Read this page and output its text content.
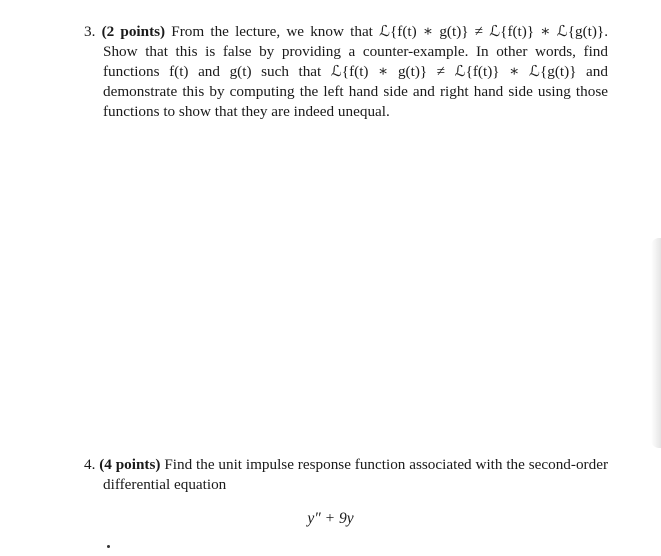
3. (2 points) From the lecture, we know that ℒ{f(t) ∗ g(t)} ≠ ℒ{f(t)} ∗ ℒ{g(t)}. Show that this is false by providing a counter-example. In other words, find functions f(t) and g(t) such that ℒ{f(t) ∗ g(t)} ≠ ℒ{f(t)} ∗ ℒ{g(t)} and demonstrate this by computing the left hand side and right hand side using those functions to show that they are indeed unequal.

4. (4 points) Find the unit impulse response function associated with the second-order differential equation

y″ + 9y
